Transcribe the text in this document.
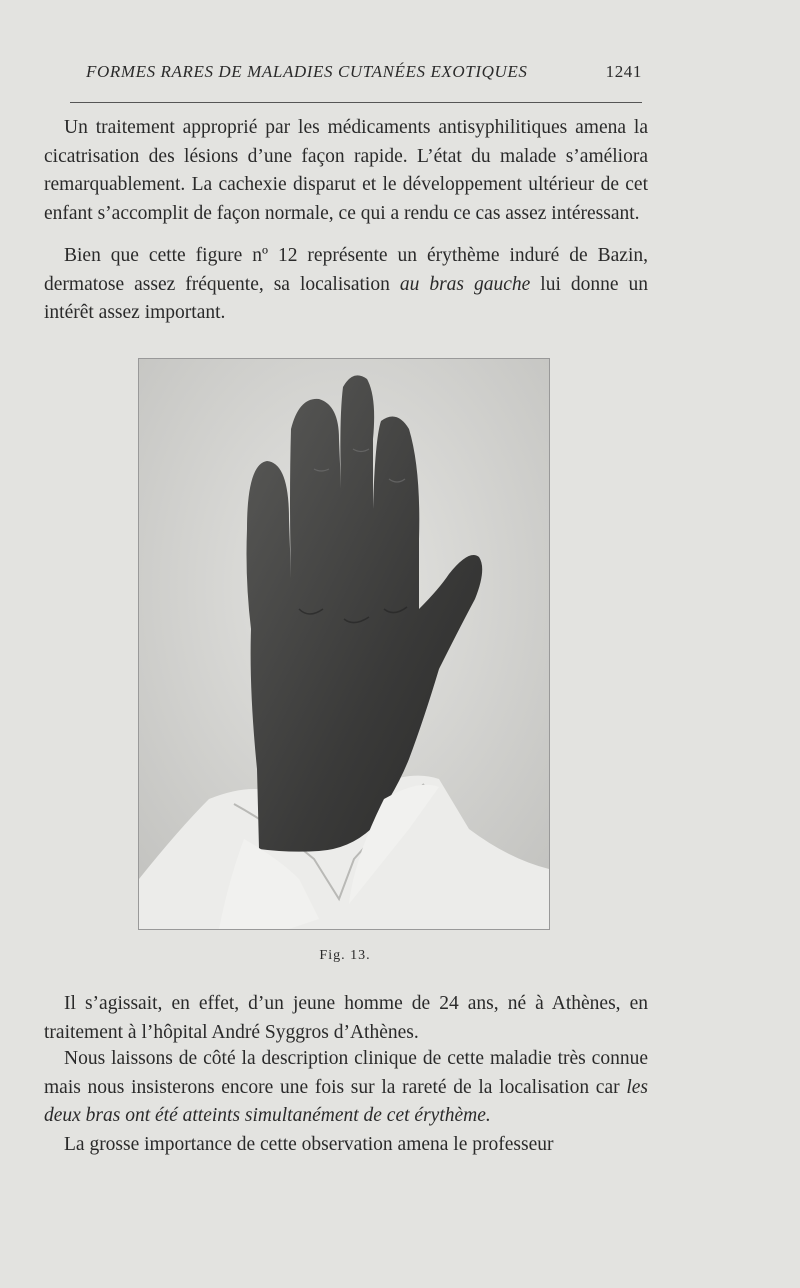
FORMES RARES DE MALADIES CUTANÉES EXOTIQUES	1241

Un traitement approprié par les médicaments antisyphilitiques amena la cicatrisation des lésions d’une façon rapide. L’état du malade s’améliora remarquablement. La cachexie disparut et le développement ultérieur de cet enfant s’accomplit de façon normale, ce qui a rendu ce cas assez intéressant.

Bien que cette figure nº 12 représente un érythème induré de Bazin, dermatose assez fréquente, sa localisation au bras gauche lui donne un intérêt assez important.

Fig. 13.

Il s’agissait, en effet, d’un jeune homme de 24 ans, né à Athènes, en traitement à l’hôpital André Syggros d’Athènes.

Nous laissons de côté la description clinique de cette maladie très connue mais nous insisterons encore une fois sur la rareté de la localisation car les deux bras ont été atteints simultanément de cet érythème.

La grosse importance de cette observation amena le professeur
